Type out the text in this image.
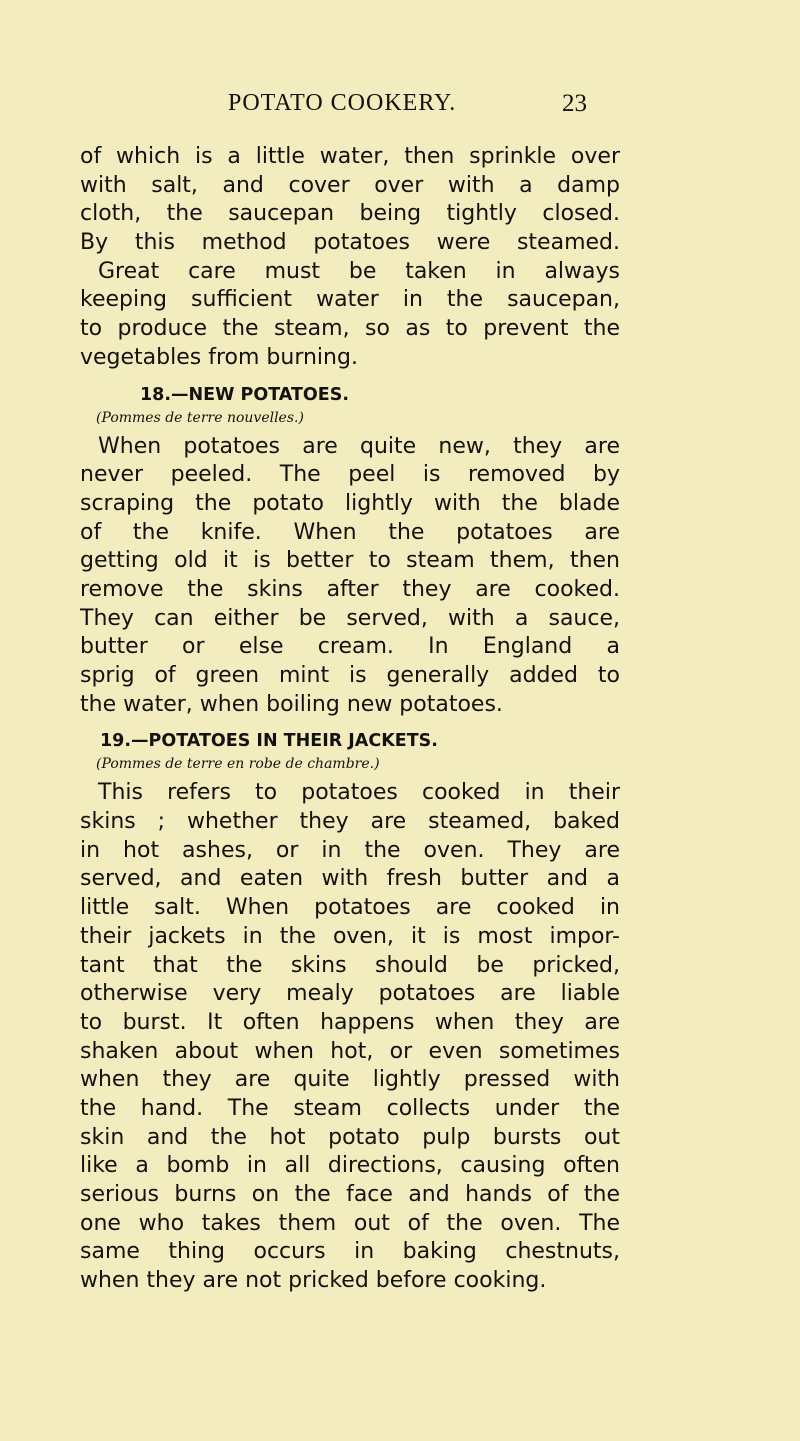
POTATO COOKERY.	23
of which is a little water, then sprinkle over
with salt, and cover over with a damp
cloth, the saucepan being tightly closed.
By this method potatoes were steamed.
Great care must be taken in always
keeping sufficient water in the saucepan,
to produce the steam, so as to prevent the
vegetables from burning.
18.—NEW POTATOES.
(Pommes de terre nouvelles.)
When potatoes are quite new, they are
never peeled. The peel is removed by
scraping the potato lightly with the blade
of the knife. When the potatoes are
getting old it is better to steam them, then
remove the skins after they are cooked.
They can either be served, with a sauce,
butter or else cream. In England a
sprig of green mint is generally added to
the water, when boiling new potatoes.
19.—POTATOES IN THEIR JACKETS.
(Pommes de terre en robe de chambre.)
This refers to potatoes cooked in their
skins ; whether they are steamed, baked
in hot ashes, or in the oven. They are
served, and eaten with fresh butter and a
little salt. When potatoes are cooked in
their jackets in the oven, it is most impor-
tant that the skins should be pricked,
otherwise very mealy potatoes are liable
to burst. It often happens when they are
shaken about when hot, or even sometimes
when they are quite lightly pressed with
the hand. The steam collects under the
skin and the hot potato pulp bursts out
like a bomb in all directions, causing often
serious burns on the face and hands of the
one who takes them out of the oven. The
same thing occurs in baking chestnuts,
when they are not pricked before cooking.
